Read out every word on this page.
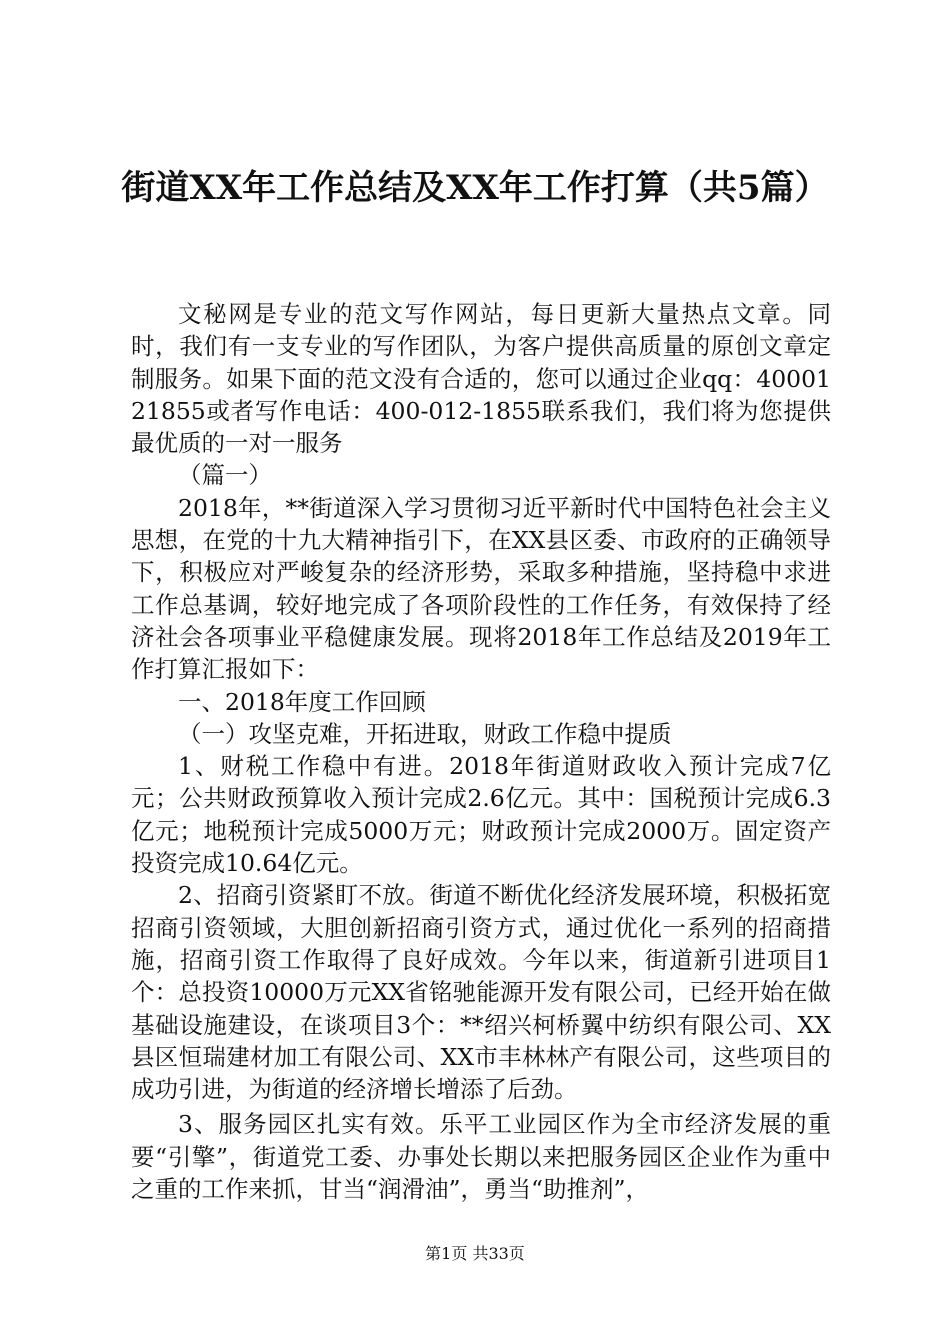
街道XX年工作总结及XX年工作打算（共5篇）

文秘网是专业的范文写作网站，每日更新大量热点文章。同时，我们有一支专业的写作团队，为客户提供高质量的原创文章定制服务。如果下面的范文没有合适的，您可以通过企业qq：4000121855或者写作电话：400-012-1855联系我们，我们将为您提供最优质的一对一服务

（篇一）

2018年，**街道深入学习贯彻习近平新时代中国特色社会主义思想，在党的十九大精神指引下，在XX县区委、市政府的正确领导下，积极应对严峻复杂的经济形势，采取多种措施，坚持稳中求进工作总基调，较好地完成了各项阶段性的工作任务，有效保持了经济社会各项事业平稳健康发展。现将2018年工作总结及2019年工作打算汇报如下：

一、2018年度工作回顾

（一）攻坚克难，开拓进取，财政工作稳中提质

1、财税工作稳中有进。2018年街道财政收入预计完成7亿元；公共财政预算收入预计完成2.6亿元。其中：国税预计完成6.3亿元；地税预计完成5000万元；财政预计完成2000万。固定资产投资完成10.64亿元。

2、招商引资紧盯不放。街道不断优化经济发展环境，积极拓宽招商引资领域，大胆创新招商引资方式，通过优化一系列的招商措施，招商引资工作取得了良好成效。今年以来，街道新引进项目1个：总投资10000万元XX省铭驰能源开发有限公司，已经开始在做基础设施建设，在谈项目3个：**绍兴柯桥翼中纺织有限公司、XX县区恒瑞建材加工有限公司、XX市丰林林产有限公司，这些项目的成功引进，为街道的经济增长增添了后劲。

3、服务园区扎实有效。乐平工业园区作为全市经济发展的重要“引擎”，街道党工委、办事处长期以来把服务园区企业作为重中之重的工作来抓，甘当“润滑油”，勇当“助推剂”，

第1页 共33页
